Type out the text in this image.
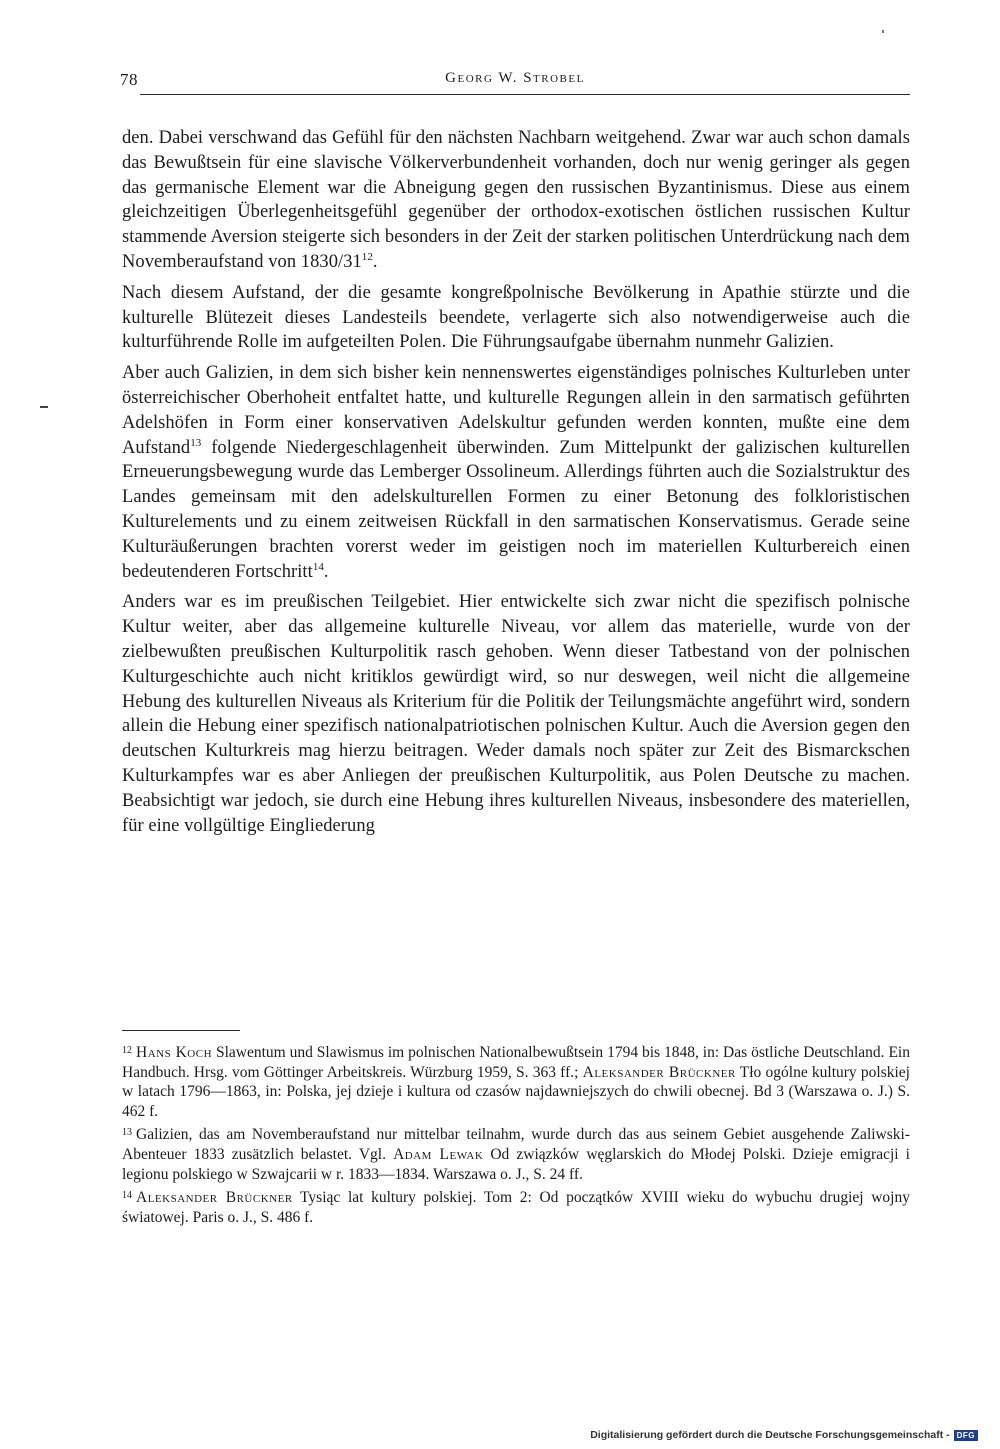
78	Georg W. Strobel

den. Dabei verschwand das Gefühl für den nächsten Nachbarn weitgehend. Zwar war auch schon damals das Bewußtsein für eine slavische Völkerverbundenheit vorhanden, doch nur wenig geringer als gegen das germanische Element war die Abneigung gegen den russischen Byzantinismus. Diese aus einem gleichzeitigen Überlegenheitsgefühl gegenüber der orthodox-exotischen östlichen russischen Kultur stammende Aversion steigerte sich besonders in der Zeit der starken politischen Unterdrückung nach dem Novemberaufstand von $1830/31^{12}$.

Nach diesem Aufstand, der die gesamte kongreßpolnische Bevölkerung in Apathie stürzte und die kulturelle Blütezeit dieses Landesteils beendete, verlagerte sich also notwendigerweise auch die kulturführende Rolle im aufgeteilten Polen. Die Führungsaufgabe übernahm nunmehr Galizien.

Aber auch Galizien, in dem sich bisher kein nennenswertes eigenständiges polnisches Kulturleben unter österreichischer Oberhoheit entfaltet hatte, und kulturelle Regungen allein in den sarmatisch geführten Adelshöfen in Form einer konservativen Adelskultur gefunden werden konnten, mußte eine dem Aufstand$^{13}$ folgende Niedergeschlagenheit überwinden. Zum Mittelpunkt der galizischen kulturellen Erneuerungsbewegung wurde das Lemberger Ossolineum. Allerdings führten auch die Sozialstruktur des Landes gemeinsam mit den adelskulturellen Formen zu einer Betonung des folkloristischen Kulturelements und zu einem zeitweisen Rückfall in den sarmatischen Konservatismus. Gerade seine Kulturäußerungen brachten vorerst weder im geistigen noch im materiellen Kulturbereich einen bedeutenderen Fortschritt$^{14}$.

Anders war es im preußischen Teilgebiet. Hier entwickelte sich zwar nicht die spezifisch polnische Kultur weiter, aber das allgemeine kulturelle Niveau, vor allem das materielle, wurde von der zielbewußten preußischen Kulturpolitik rasch gehoben. Wenn dieser Tatbestand von der polnischen Kulturgeschichte auch nicht kritiklos gewürdigt wird, so nur deswegen, weil nicht die allgemeine Hebung des kulturellen Niveaus als Kriterium für die Politik der Teilungsmächte angeführt wird, sondern allein die Hebung einer spezifisch nationalpatriotischen polnischen Kultur. Auch die Aversion gegen den deutschen Kulturkreis mag hierzu beitragen. Weder damals noch später zur Zeit des Bismarckschen Kulturkampfes war es aber Anliegen der preußischen Kulturpolitik, aus Polen Deutsche zu machen. Beabsichtigt war jedoch, sie durch eine Hebung ihres kulturellen Niveaus, insbesondere des materiellen, für eine vollgültige Eingliederung

$^{12}$ Hans Koch Slawentum und Slawismus im polnischen Nationalbewußtsein 1794 bis 1848, in: Das östliche Deutschland. Ein Handbuch. Hrsg. vom Göttinger Arbeitskreis. Würzburg 1959, S. 363 ff.; Aleksander Brückner Tło ogólne kultury polskiej w latach 1796—1863, in: Polska, jej dzieje i kultura od czasów najdawniejszych do chwili obecnej. Bd 3 (Warszawa o. J.) S. 462 f.

$^{13}$ Galizien, das am Novemberaufstand nur mittelbar teilnahm, wurde durch das aus seinem Gebiet ausgehende Zaliwski-Abenteuer 1833 zusätzlich belastet. Vgl. Adam Lewak Od związków węglarskich do Młodej Polski. Dzieje emigracji i legionu polskiego w Szwajcarii w r. 1833—1834. Warszawa o. J., S. 24 ff.

$^{14}$ Aleksander Brückner Tysiąc lat kultury polskiej. Tom 2: Od początków XVIII wieku do wybuchu drugiej wojny światowej. Paris o. J., S. 486 f.

Digitalisierung gefördert durch die Deutsche Forschungsgemeinschaft - DFG
